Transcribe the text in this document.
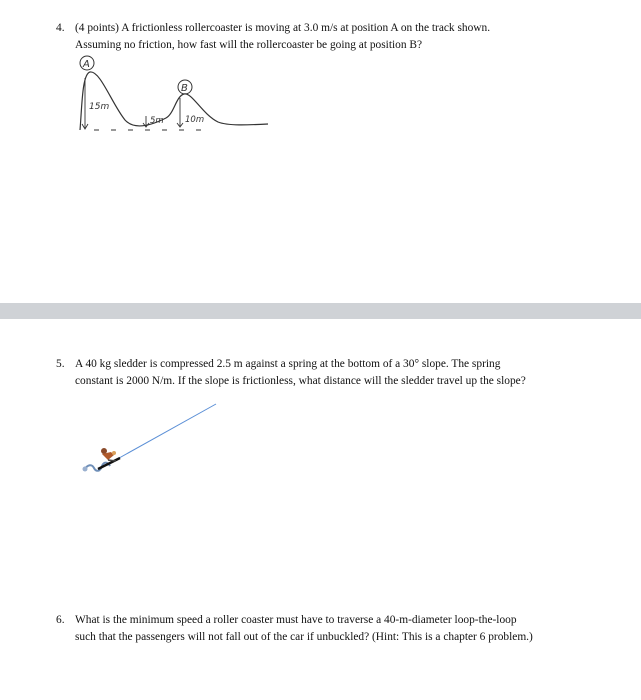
4. (4 points) A frictionless rollercoaster is moving at 3.0 m/s at position A on the track shown.
Assuming no friction, how fast will the rollercoaster be going at position B?
A
B
15m
5m	10m
5. A 40 kg sledder is compressed 2.5 m against a spring at the bottom of a 30° slope. The spring
constant is 2000 N/m. If the slope is frictionless, what distance will the sledder travel up the slope?
6. What is the minimum speed a roller coaster must have to traverse a 40-m-diameter loop-the-loop
such that the passengers will not fall out of the car if unbuckled? (Hint: This is a chapter 6 problem.)
